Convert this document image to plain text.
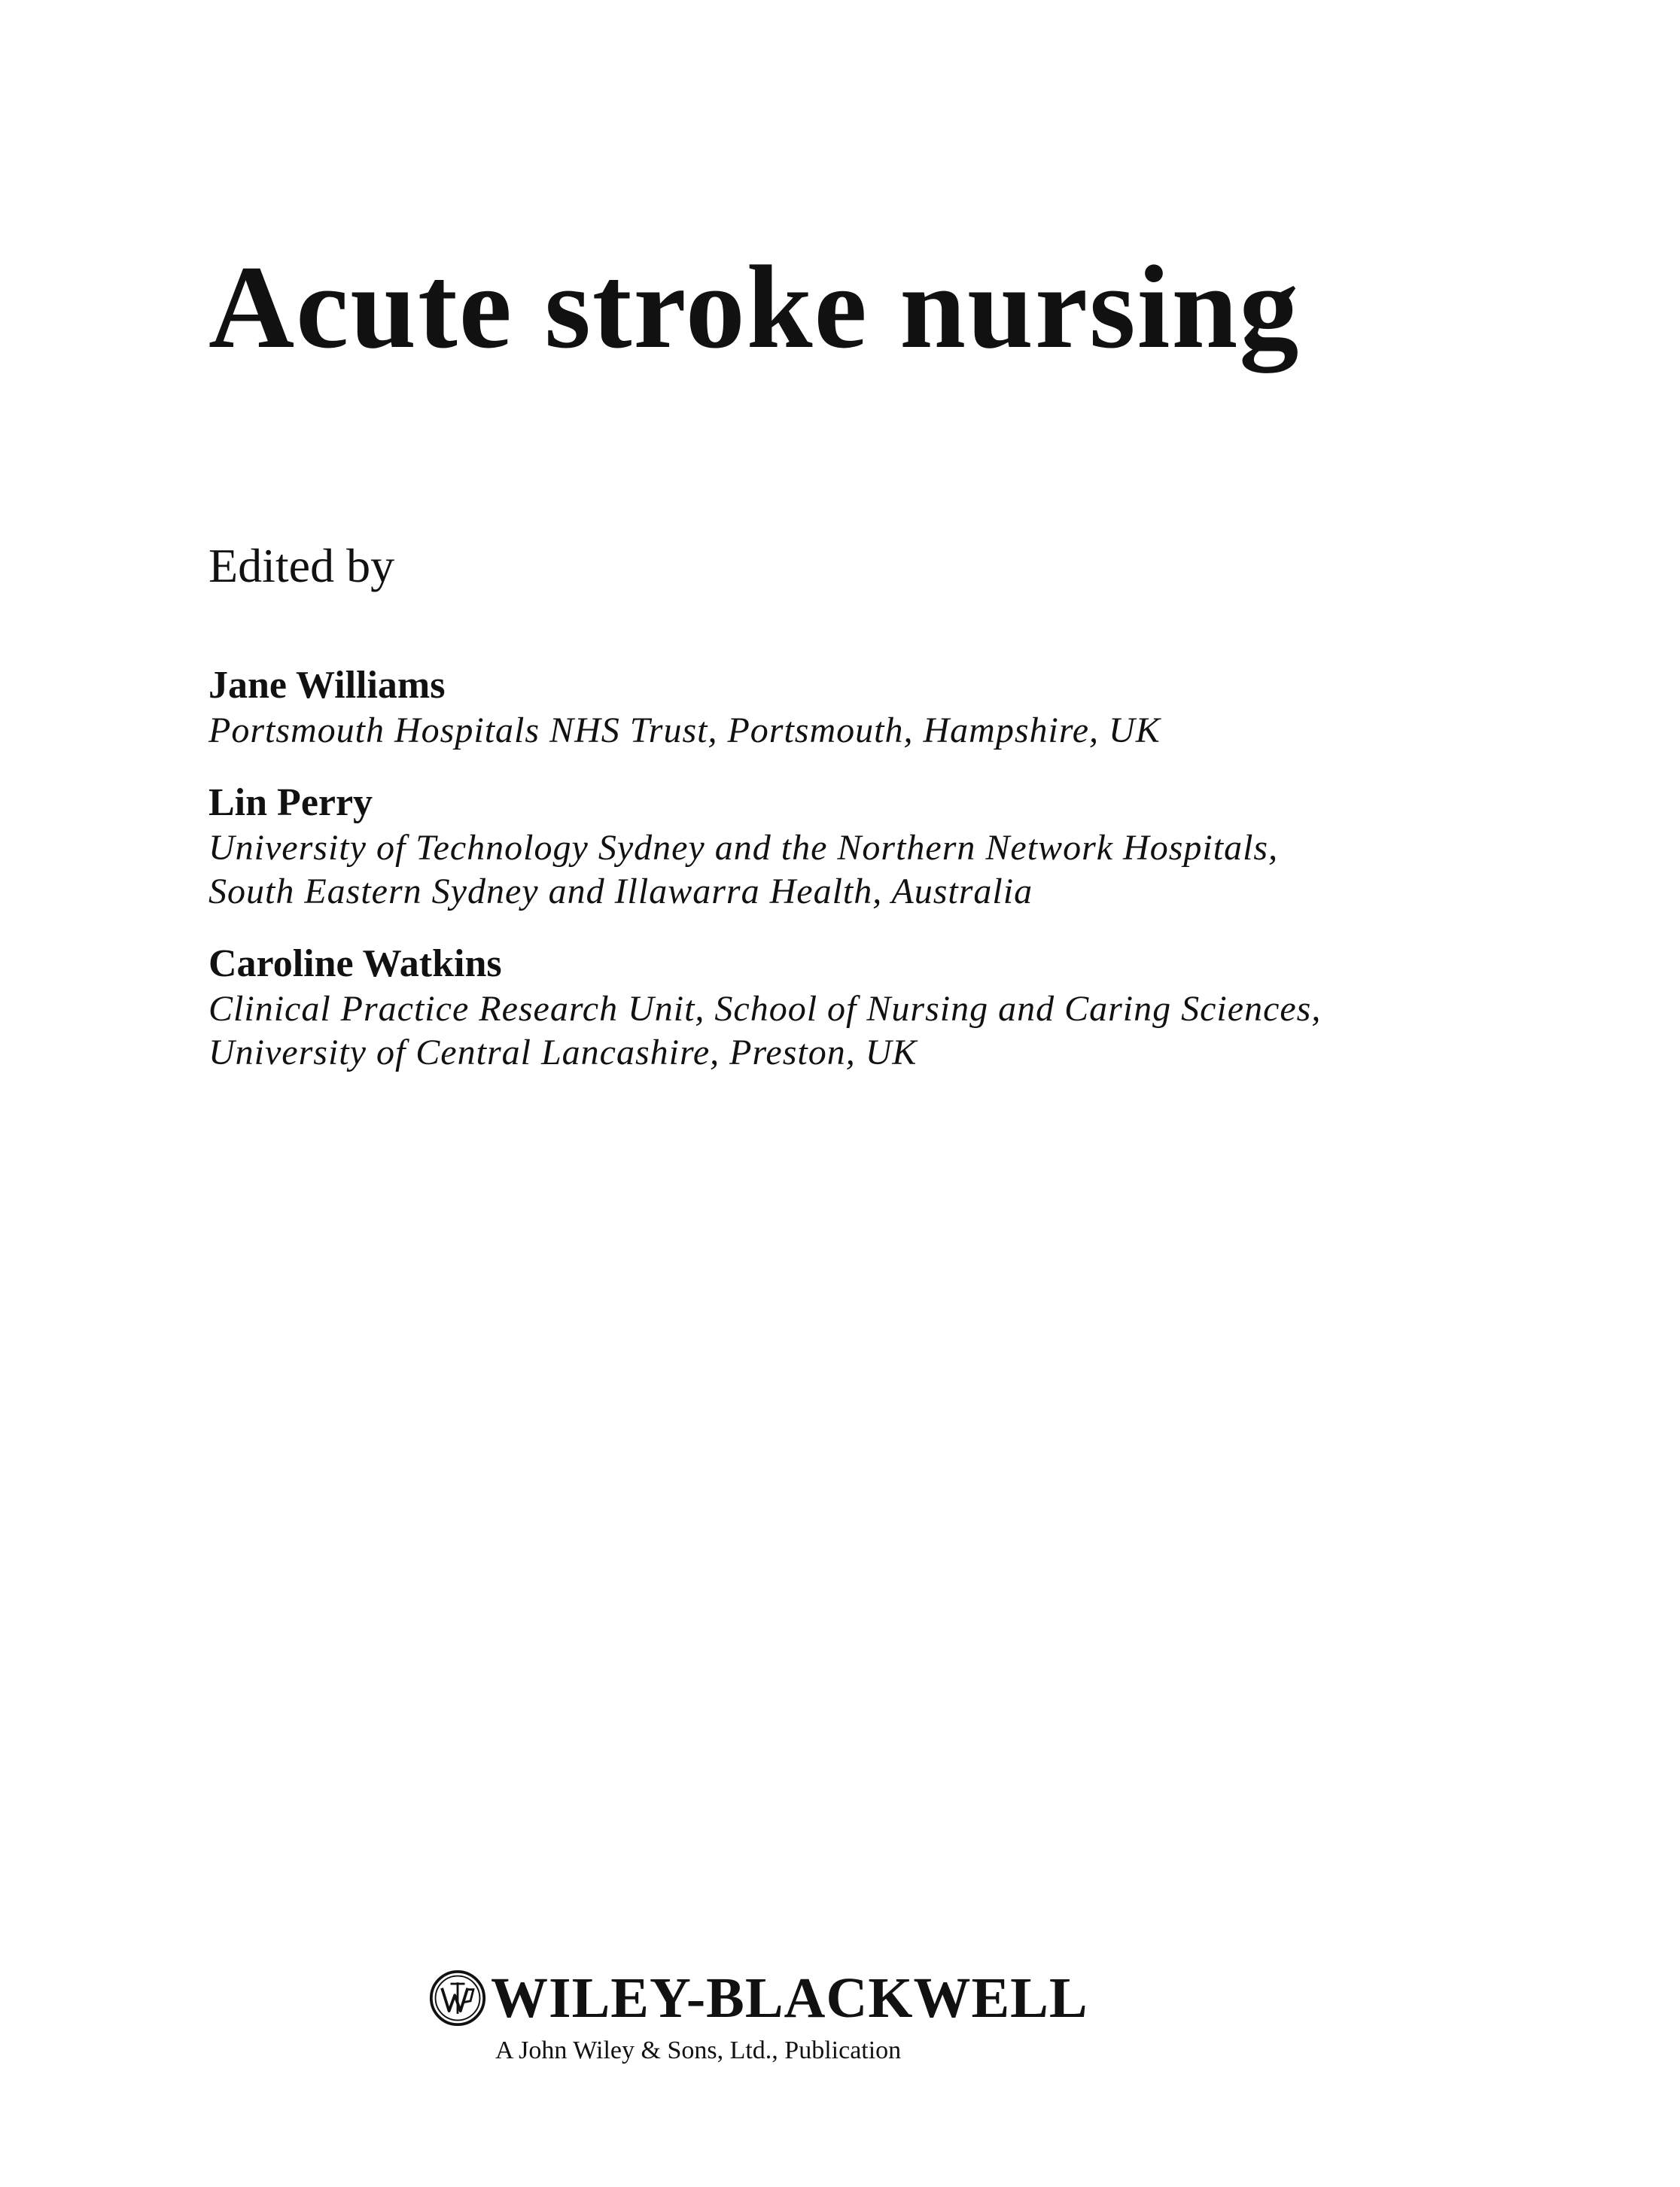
Acute stroke nursing
Edited by
Jane Williams
Portsmouth Hospitals NHS Trust, Portsmouth, Hampshire, UK
Lin Perry
University of Technology Sydney and the Northern Network Hospitals,
South Eastern Sydney and Illawarra Health, Australia
Caroline Watkins
Clinical Practice Research Unit, School of Nursing and Caring Sciences,
University of Central Lancashire, Preston, UK
WILEY-BLACKWELL
A John Wiley & Sons, Ltd., Publication
